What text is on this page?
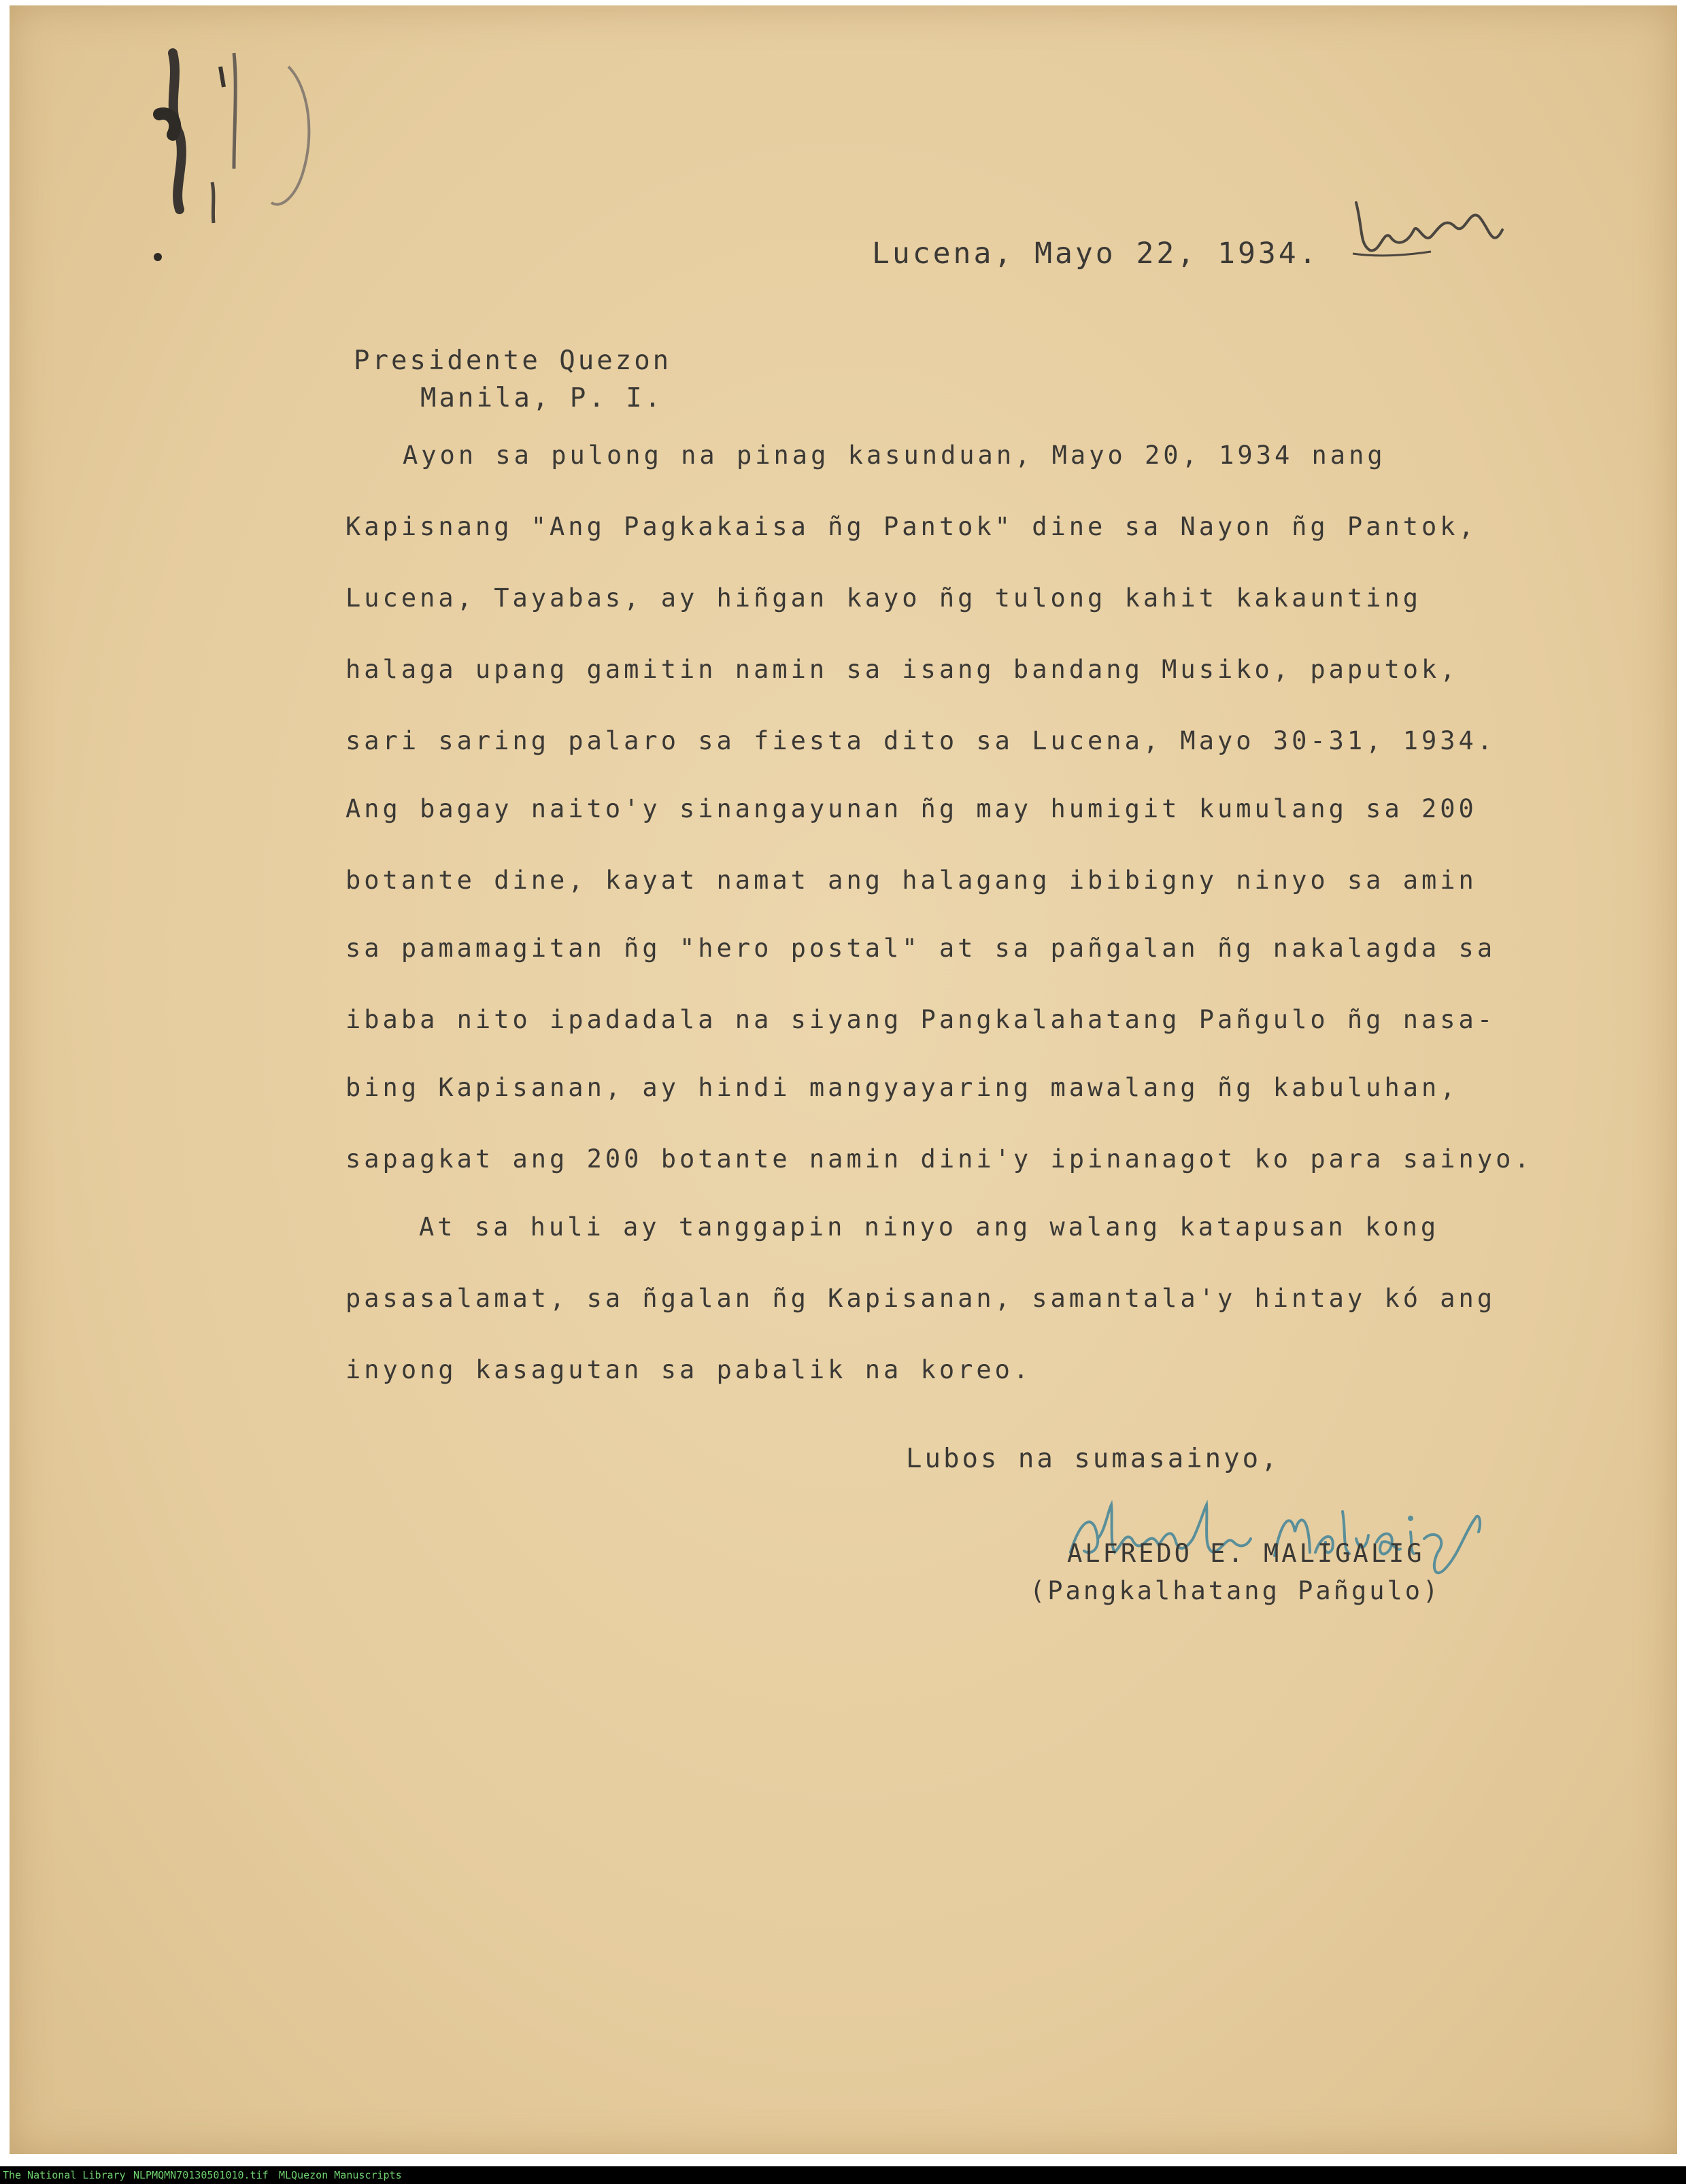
Lucena, Mayo 22, 1934.
Presidente Quezon
Manila, P. I.
Ayon sa pulong na pinag kasunduan, Mayo 20, 1934 nang
Kapisnang "Ang Pagkakaisa ñg Pantok" dine sa Nayon ñg Pantok,
Lucena, Tayabas, ay hiñgan kayo ñg tulong kahit kakaunting
halaga upang gamitin namin sa isang bandang Musiko, paputok,
sari saring palaro sa fiesta dito sa Lucena, Mayo 30-31, 1934.
Ang bagay naito'y sinangayunan ñg may humigit kumulang sa 200
botante dine, kayat namat ang halagang ibibigny ninyo sa amin
sa pamamagitan ñg "hero postal" at sa pañgalan ñg nakalagda sa
ibaba nito ipadadala na siyang Pangkalahatang Pañgulo ñg nasa-
bing Kapisanan, ay hindi mangyayaring mawalang ñg kabuluhan,
sapagkat ang 200 botante namin dini'y ipinanagot ko para sainyo.
At sa huli ay tanggapin ninyo ang walang katapusan kong
pasasalamat, sa ñgalan ñg Kapisanan, samantala'y hintay kó ang
inyong kasagutan sa pabalik na koreo.
Lubos na sumasainyo,
ALFREDO E. MALIGALIG
(Pangkalhatang Pañgulo)
The National Library NLPMQMN70130501010.tif MLQuezon Manuscripts
